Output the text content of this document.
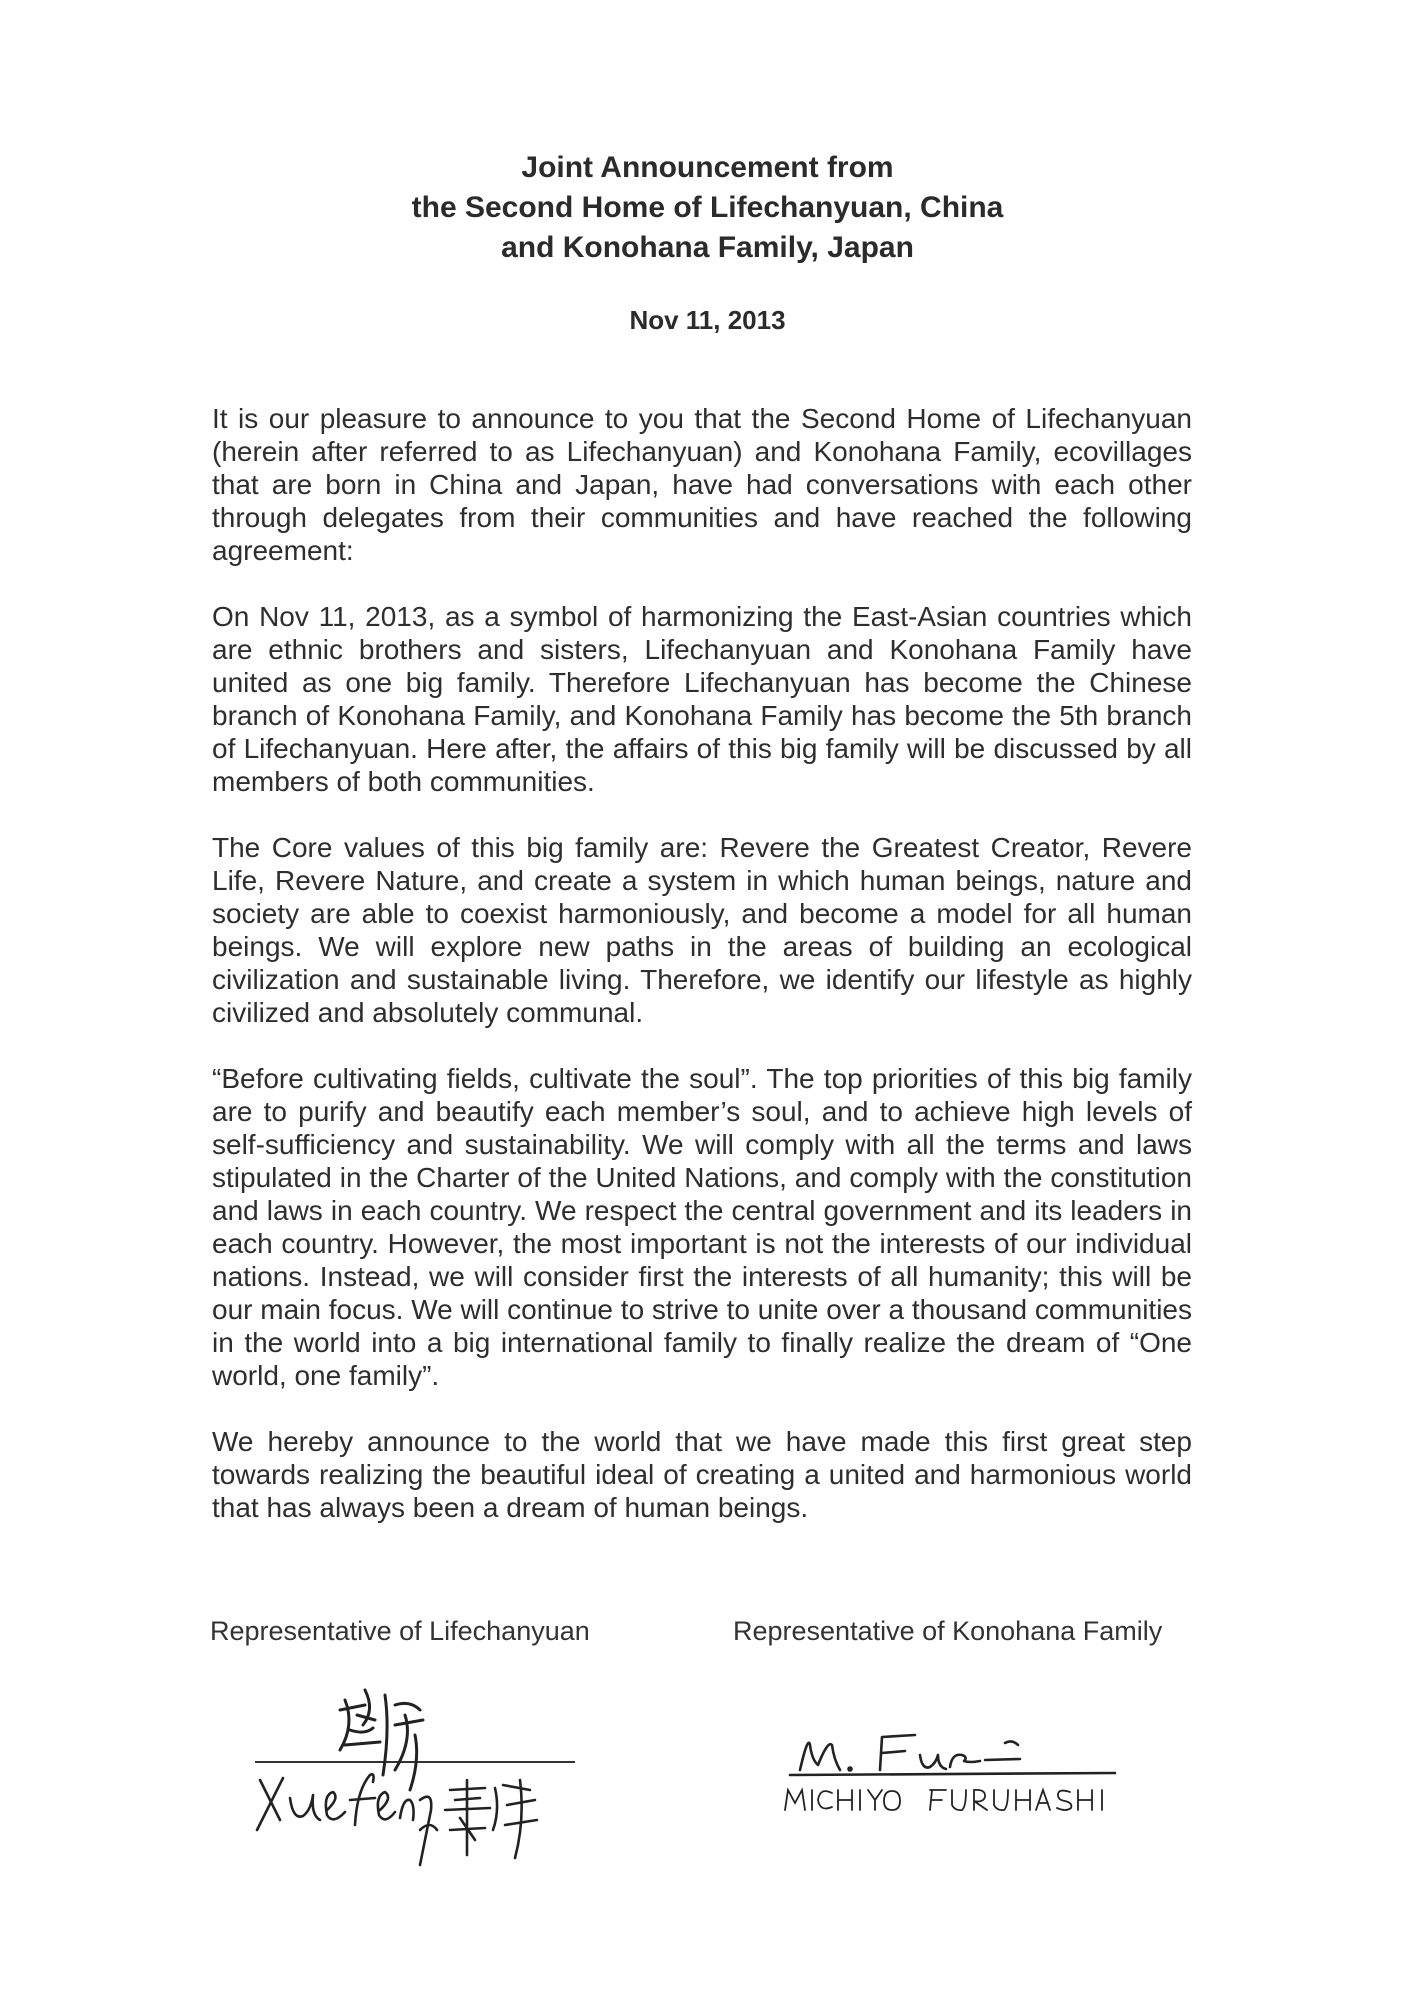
Joint Announcement from
the Second Home of Lifechanyuan, China
and Konohana Family, Japan
Nov 11, 2013

It is our pleasure to announce to you that the Second Home of Lifechanyuan (herein after referred to as Lifechanyuan) and Konohana Family, ecovillages that are born in China and Japan, have had conversations with each other through delegates from their communities and have reached the following agreement:

On Nov 11, 2013, as a symbol of harmonizing the East-Asian countries which are ethnic brothers and sisters, Lifechanyuan and Konohana Family have united as one big family. Therefore Lifechanyuan has become the Chinese branch of Konohana Family, and Konohana Family has become the 5th branch of Lifechanyuan. Here after, the affairs of this big family will be discussed by all members of both communities.

The Core values of this big family are: Revere the Greatest Creator, Revere Life, Revere Nature, and create a system in which human beings, nature and society are able to coexist harmoniously, and become a model for all human beings. We will explore new paths in the areas of building an ecological civilization and sustainable living. Therefore, we identify our lifestyle as highly civilized and absolutely communal.

“Before cultivating fields, cultivate the soul”. The top priorities of this big family are to purify and beautify each member’s soul, and to achieve high levels of self-sufficiency and sustainability. We will comply with all the terms and laws stipulated in the Charter of the United Nations, and comply with the constitution and laws in each country. We respect the central government and its leaders in each country. However, the most important is not the interests of our individual nations. Instead, we will consider first the interests of all humanity; this will be our main focus. We will continue to strive to unite over a thousand communities in the world into a big international family to finally realize the dream of “One world, one family”.

We hereby announce to the world that we have made this first great step towards realizing the beautiful ideal of creating a united and harmonious world that has always been a dream of human beings.

Representative of Lifechanyuan	Representative of Konohana Family
